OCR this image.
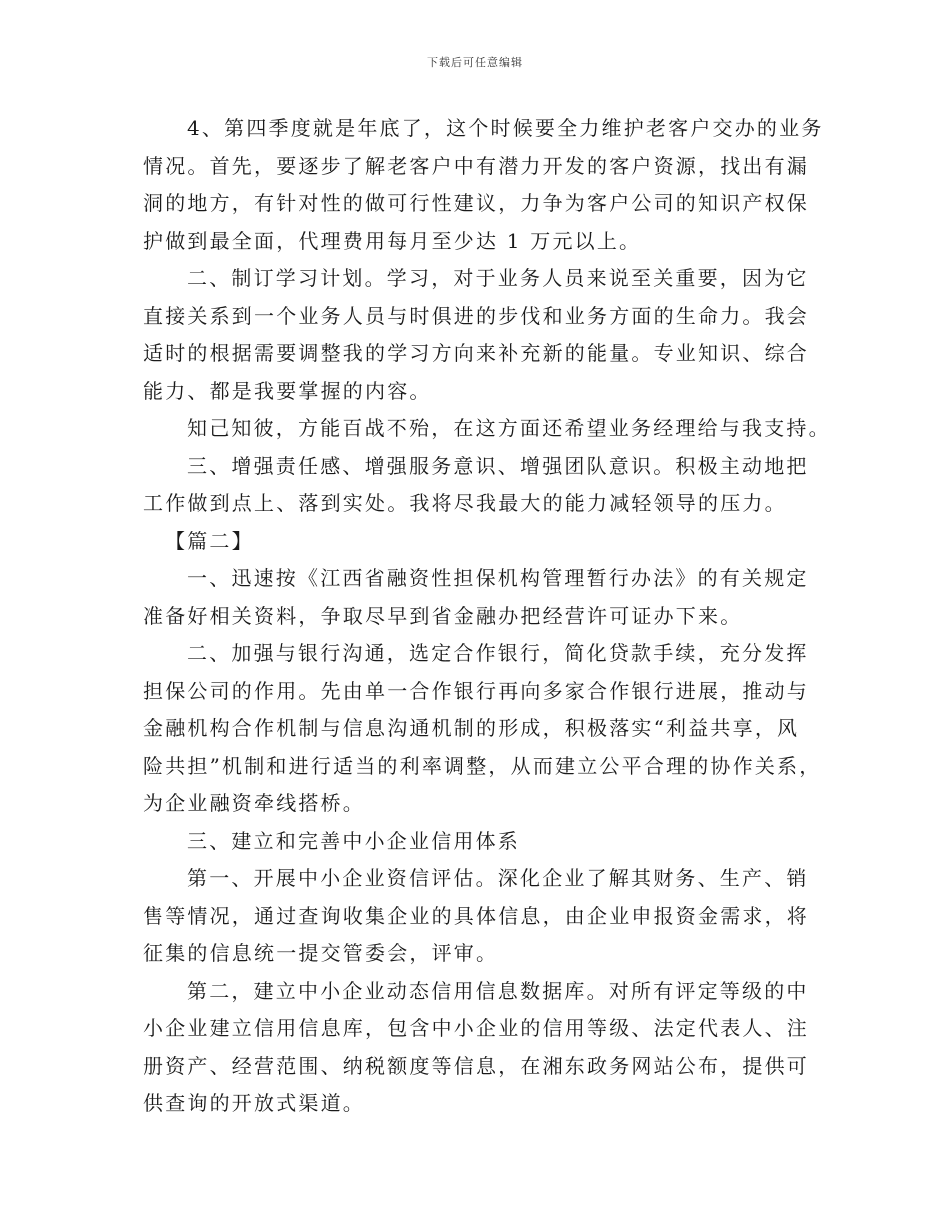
下载后可任意编辑
4、第四季度就是年底了，这个时候要全力维护老客户交办的业务
情况。首先，要逐步了解老客户中有潜力开发的客户资源，找出有漏
洞的地方，有针对性的做可行性建议，力争为客户公司的知识产权保
护做到最全面，代理费用每月至少达 1 万元以上。
二、制订学习计划。学习，对于业务人员来说至关重要，因为它
直接关系到一个业务人员与时俱进的步伐和业务方面的生命力。我会
适时的根据需要调整我的学习方向来补充新的能量。专业知识、综合
能力、都是我要掌握的内容。
知己知彼，方能百战不殆，在这方面还希望业务经理给与我支持。
三、增强责任感、增强服务意识、增强团队意识。积极主动地把
工作做到点上、落到实处。我将尽我最大的能力减轻领导的压力。
【篇二】
一、迅速按《江西省融资性担保机构管理暂行办法》的有关规定
准备好相关资料，争取尽早到省金融办把经营许可证办下来。
二、加强与银行沟通，选定合作银行，简化贷款手续，充分发挥
担保公司的作用。先由单一合作银行再向多家合作银行进展，推动与
金融机构合作机制与信息沟通机制的形成，积极落实“利益共享，风
险共担”机制和进行适当的利率调整，从而建立公平合理的协作关系，
为企业融资牵线搭桥。
三、建立和完善中小企业信用体系
第一、开展中小企业资信评估。深化企业了解其财务、生产、销
售等情况，通过查询收集企业的具体信息，由企业申报资金需求，将
征集的信息统一提交管委会，评审。
第二，建立中小企业动态信用信息数据库。对所有评定等级的中
小企业建立信用信息库，包含中小企业的信用等级、法定代表人、注
册资产、经营范围、纳税额度等信息，在湘东政务网站公布，提供可
供查询的开放式渠道。
